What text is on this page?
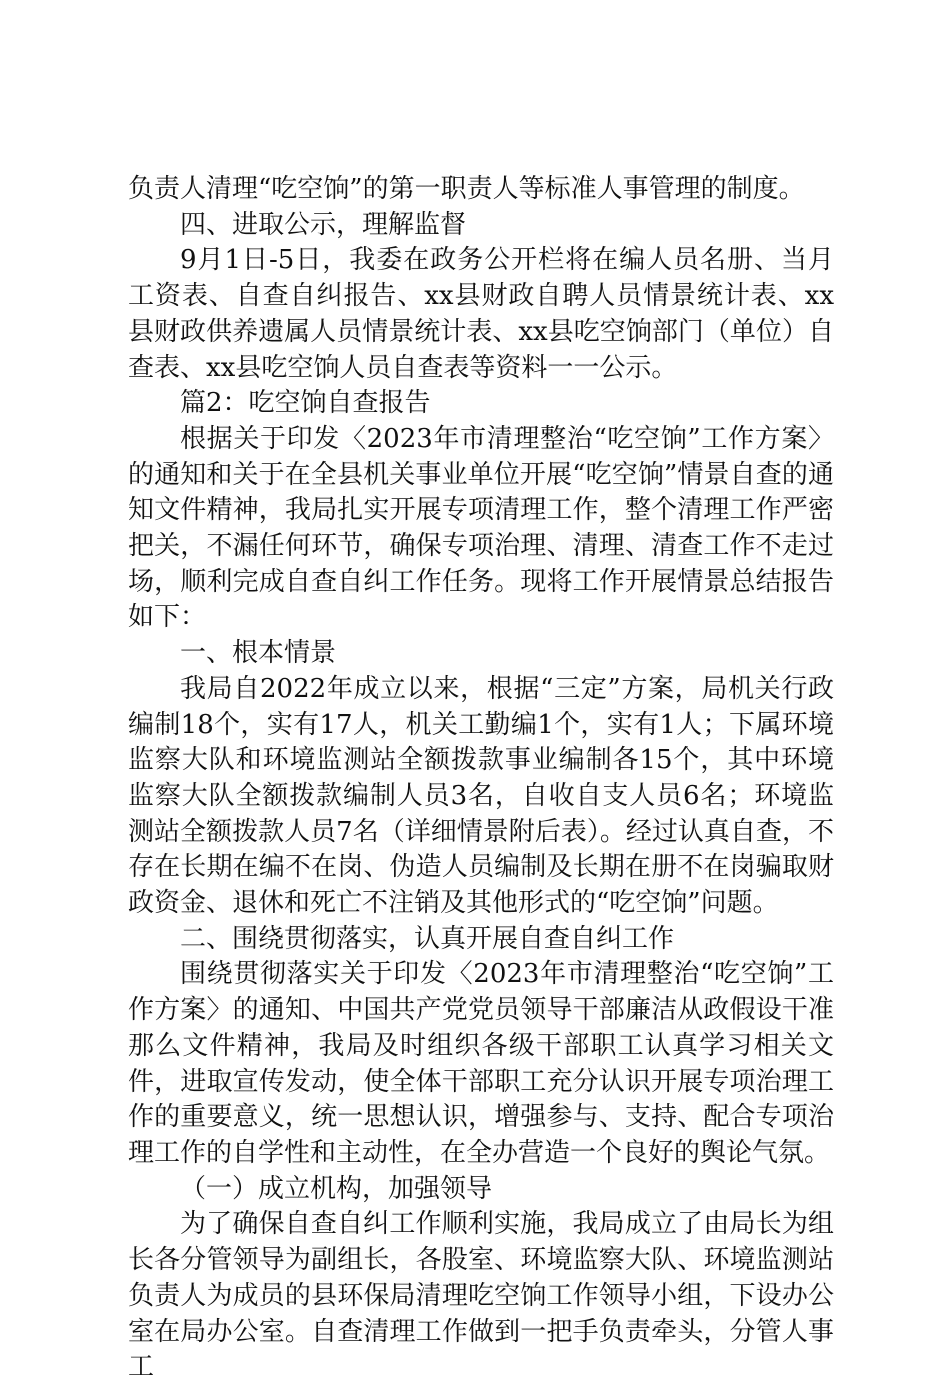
负责人清理“吃空饷”的第一职责人等标准人事管理的制度。

四、进取公示，理解监督

9月1日-5日，我委在政务公开栏将在编人员名册、当月工资表、自查自纠报告、xx县财政自聘人员情景统计表、xx县财政供养遗属人员情景统计表、xx县吃空饷部门（单位）自查表、xx县吃空饷人员自查表等资料一一公示。

篇2：吃空饷自查报告

根据关于印发〈2023年市清理整治“吃空饷”工作方案〉的通知和关于在全县机关事业单位开展“吃空饷”情景自查的通知文件精神，我局扎实开展专项清理工作，整个清理工作严密把关，不漏任何环节，确保专项治理、清理、清查工作不走过场，顺利完成自查自纠工作任务。现将工作开展情景总结报告如下：

一、根本情景

我局自2022年成立以来，根据“三定”方案，局机关行政编制18个，实有17人，机关工勤编1个，实有1人；下属环境监察大队和环境监测站全额拨款事业编制各15个，其中环境监察大队全额拨款编制人员3名，自收自支人员6名；环境监测站全额拨款人员7名（详细情景附后表）。经过认真自查，不存在长期在编不在岗、伪造人员编制及长期在册不在岗骗取财政资金、退休和死亡不注销及其他形式的“吃空饷”问题。

二、围绕贯彻落实，认真开展自查自纠工作

围绕贯彻落实关于印发〈2023年市清理整治“吃空饷”工作方案〉的通知、中国共产党党员领导干部廉洁从政假设干准那么文件精神，我局及时组织各级干部职工认真学习相关文件，进取宣传发动，使全体干部职工充分认识开展专项治理工作的重要意义，统一思想认识，增强参与、支持、配合专项治理工作的自学性和主动性，在全办营造一个良好的舆论气氛。

（一）成立机构，加强领导

为了确保自查自纠工作顺利实施，我局成立了由局长为组长各分管领导为副组长，各股室、环境监察大队、环境监测站负责人为成员的县环保局清理吃空饷工作领导小组，下设办公室在局办公室。自查清理工作做到一把手负责牵头，分管人事工
